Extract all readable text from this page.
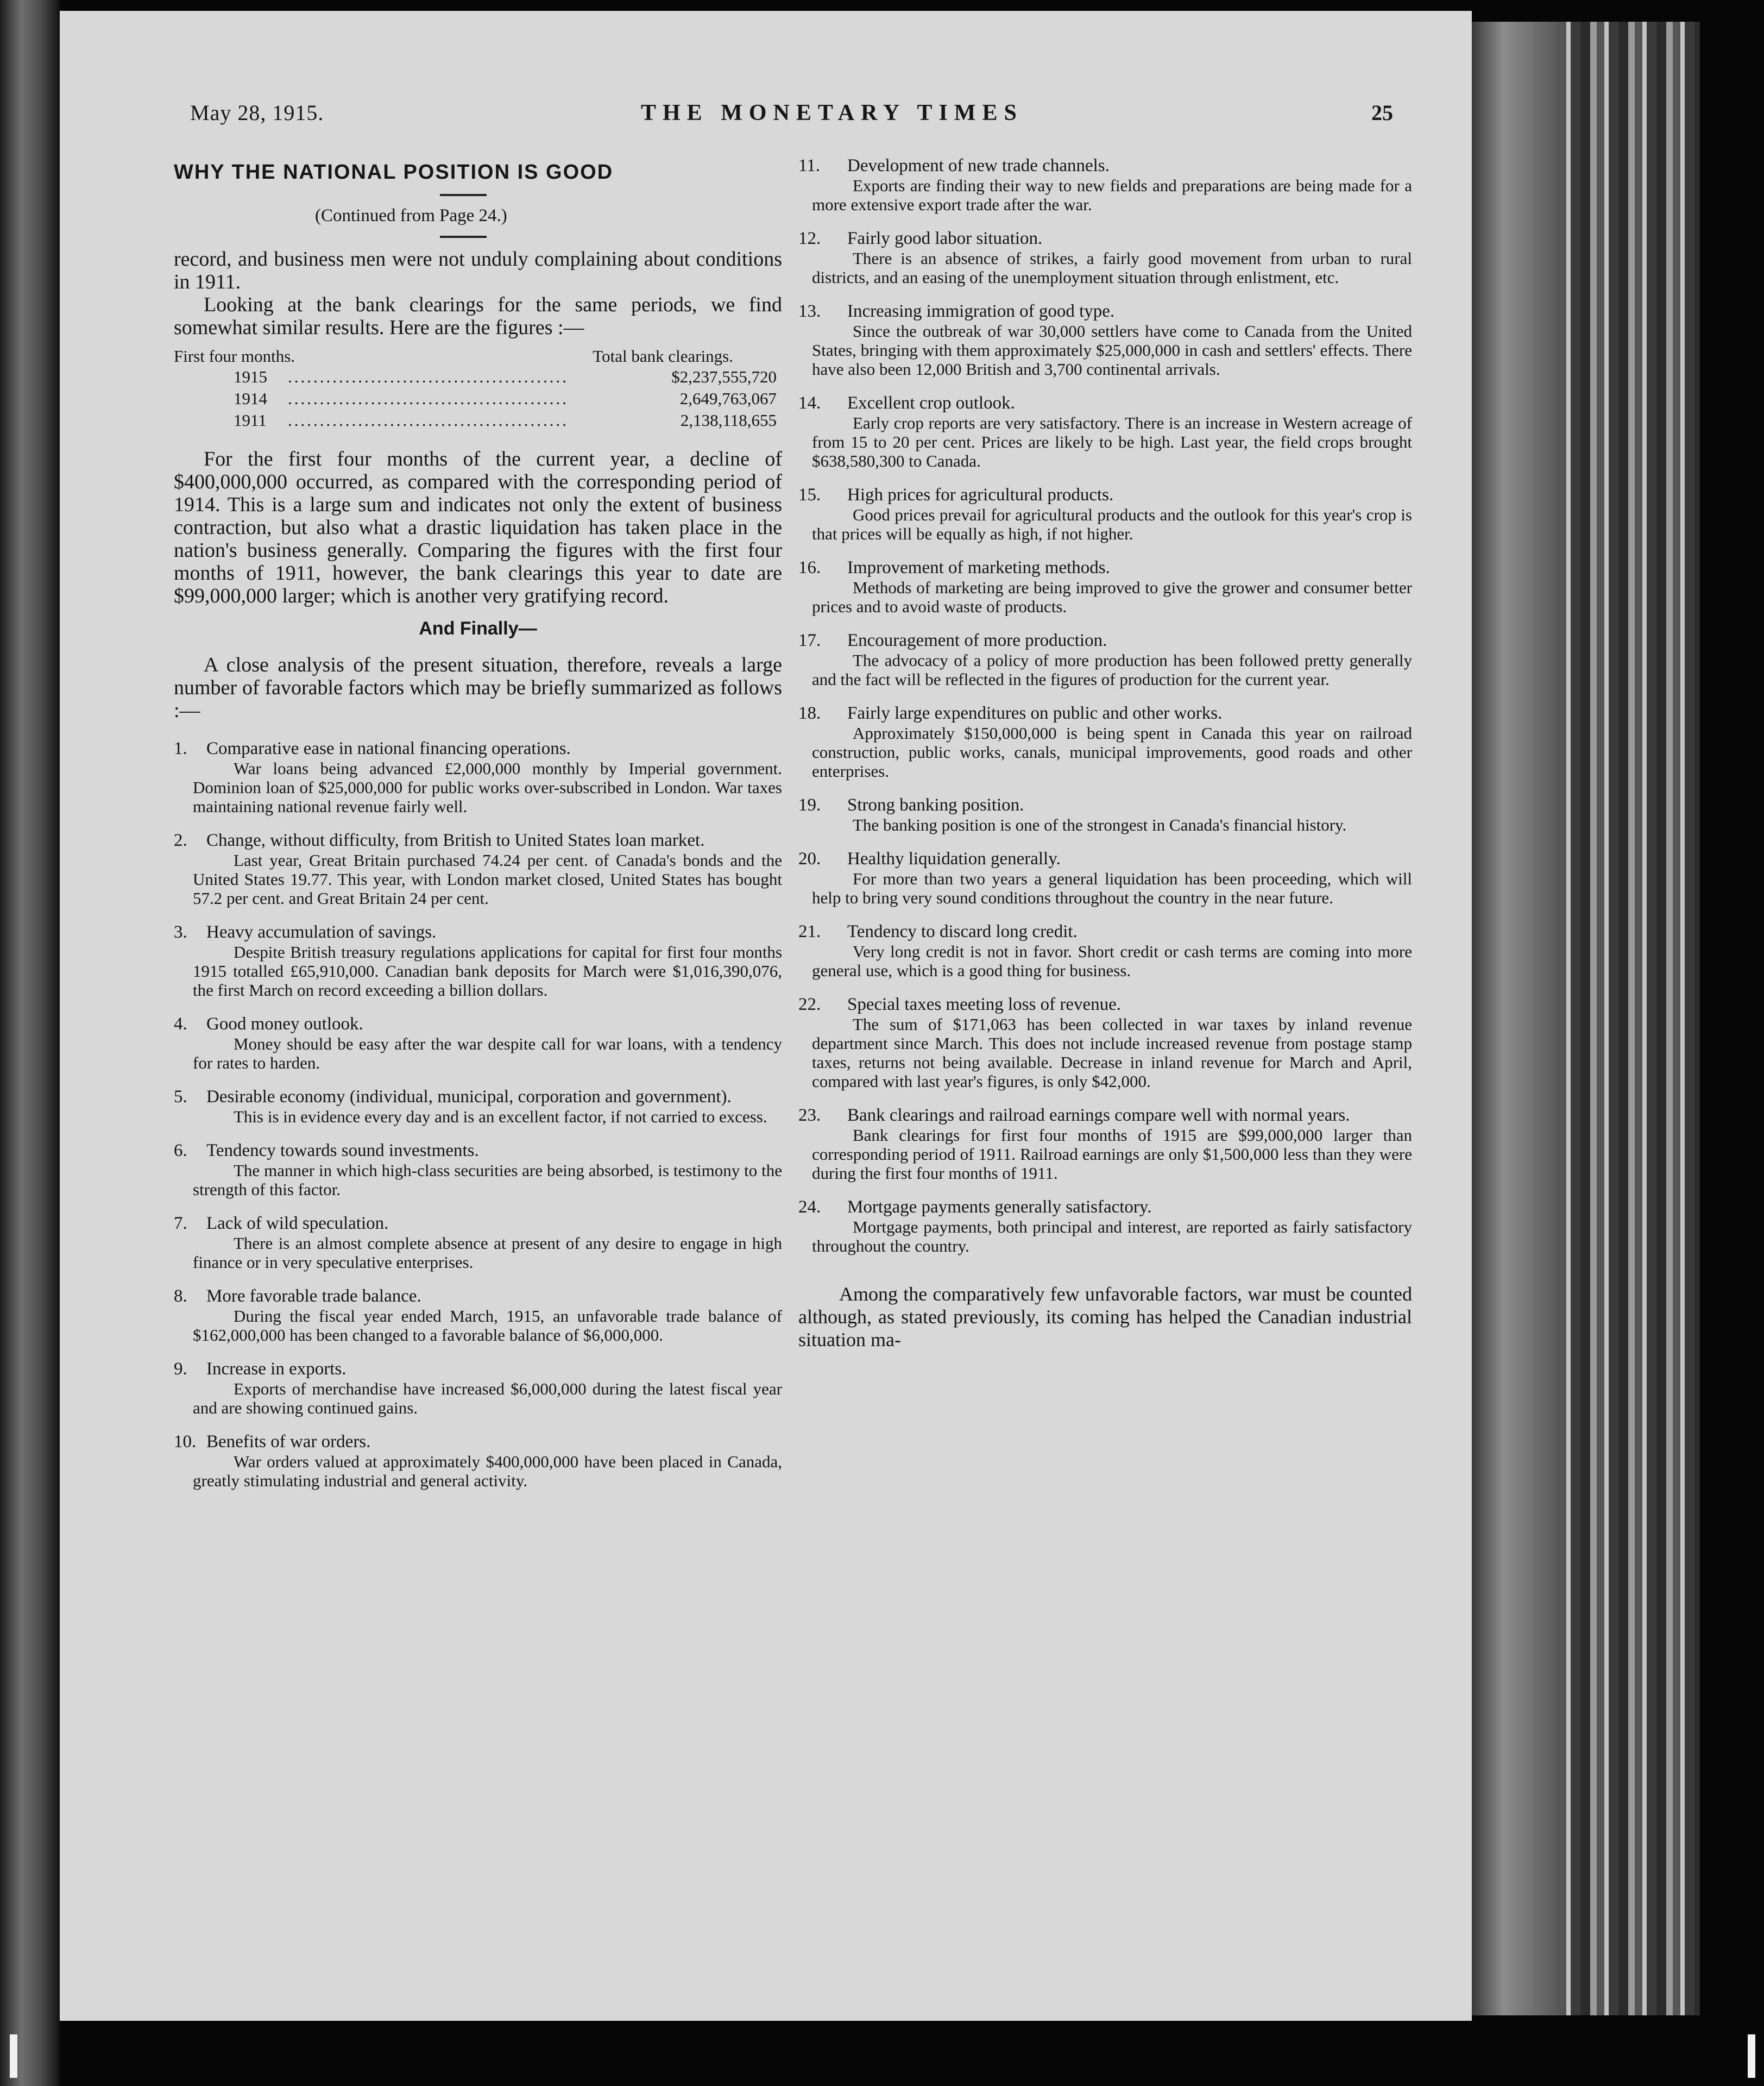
May 28, 1915.	THE MONETARY TIMES	25
WHY THE NATIONAL POSITION IS GOOD
(Continued from Page 24.)

record, and business men were not unduly complaining about conditions in 1911.

Looking at the bank clearings for the same periods, we find somewhat similar results. Here are the figures :—

First four months.	Total bank clearings.
1915	............................................	$2,237,555,720
1914	............................................	2,649,763,067
1911	............................................	2,138,118,655

For the first four months of the current year, a decline of $400,000,000 occurred, as compared with the corresponding period of 1914. This is a large sum and indicates not only the extent of business contraction, but also what a drastic liquidation has taken place in the nation's business generally. Comparing the figures with the first four months of 1911, however, the bank clearings this year to date are $99,000,000 larger; which is another very gratifying record.

And Finally—

A close analysis of the present situation, therefore, reveals a large number of favorable factors which may be briefly summarized as follows :—

1.	Comparative ease in national financing operations.
War loans being advanced £2,000,000 monthly by Imperial government. Dominion loan of $25,000,000 for public works over-subscribed in London. War taxes maintaining national revenue fairly well.
2.	Change, without difficulty, from British to United States loan market.
Last year, Great Britain purchased 74.24 per cent. of Canada's bonds and the United States 19.77. This year, with London market closed, United States has bought 57.2 per cent. and Great Britain 24 per cent.
3.	Heavy accumulation of savings.
Despite British treasury regulations applications for capital for first four months 1915 totalled £65,910,000. Canadian bank deposits for March were $1,016,390,076, the first March on record exceeding a billion dollars.
4.	Good money outlook.
Money should be easy after the war despite call for war loans, with a tendency for rates to harden.
5.	Desirable economy (individual, municipal, corporation and government).
This is in evidence every day and is an excellent factor, if not carried to excess.
6.	Tendency towards sound investments.
The manner in which high-class securities are being absorbed, is testimony to the strength of this factor.
7.	Lack of wild speculation.
There is an almost complete absence at present of any desire to engage in high finance or in very speculative enterprises.
8.	More favorable trade balance.
During the fiscal year ended March, 1915, an unfavorable trade balance of $162,000,000 has been changed to a favorable balance of $6,000,000.
9.	Increase in exports.
Exports of merchandise have increased $6,000,000 during the latest fiscal year and are showing continued gains.
10. Benefits of war orders.
War orders valued at approximately $400,000,000 have been placed in Canada, greatly stimulating industrial and general activity.
11.	Development of new trade channels.
Exports are finding their way to new fields and preparations are being made for a more extensive export trade after the war.
12.	Fairly good labor situation.
There is an absence of strikes, a fairly good movement from urban to rural districts, and an easing of the unemployment situation through enlistment, etc.
13.	Increasing immigration of good type.
Since the outbreak of war 30,000 settlers have come to Canada from the United States, bringing with them approximately $25,000,000 in cash and settlers' effects. There have also been 12,000 British and 3,700 continental arrivals.
14.	Excellent crop outlook.
Early crop reports are very satisfactory. There is an increase in Western acreage of from 15 to 20 per cent. Prices are likely to be high. Last year, the field crops brought $638,580,300 to Canada.
15.	High prices for agricultural products.
Good prices prevail for agricultural products and the outlook for this year's crop is that prices will be equally as high, if not higher.
16.	Improvement of marketing methods.
Methods of marketing are being improved to give the grower and consumer better prices and to avoid waste of products.
17.	Encouragement of more production.
The advocacy of a policy of more production has been followed pretty generally and the fact will be reflected in the figures of production for the current year.
18.	Fairly large expenditures on public and other works.
Approximately $150,000,000 is being spent in Canada this year on railroad construction, public works, canals, municipal improvements, good roads and other enterprises.
19.	Strong banking position.
The banking position is one of the strongest in Canada's financial history.
20.	Healthy liquidation generally.
For more than two years a general liquidation has been proceeding, which will help to bring very sound conditions throughout the country in the near future.
21.	Tendency to discard long credit.
Very long credit is not in favor. Short credit or cash terms are coming into more general use, which is a good thing for business.
22.	Special taxes meeting loss of revenue.
The sum of $171,063 has been collected in war taxes by inland revenue department since March. This does not include increased revenue from postage stamp taxes, returns not being available. Decrease in inland revenue for March and April, compared with last year's figures, is only $42,000.
23.	Bank clearings and railroad earnings compare well with normal years.
Bank clearings for first four months of 1915 are $99,000,000 larger than corresponding period of 1911. Railroad earnings are only $1,500,000 less than they were during the first four months of 1911.
24.	Mortgage payments generally satisfactory.
Mortgage payments, both principal and interest, are reported as fairly satisfactory throughout the country.

Among the comparatively few unfavorable factors, war must be counted although, as stated previously, its coming has helped the Canadian industrial situation ma-
